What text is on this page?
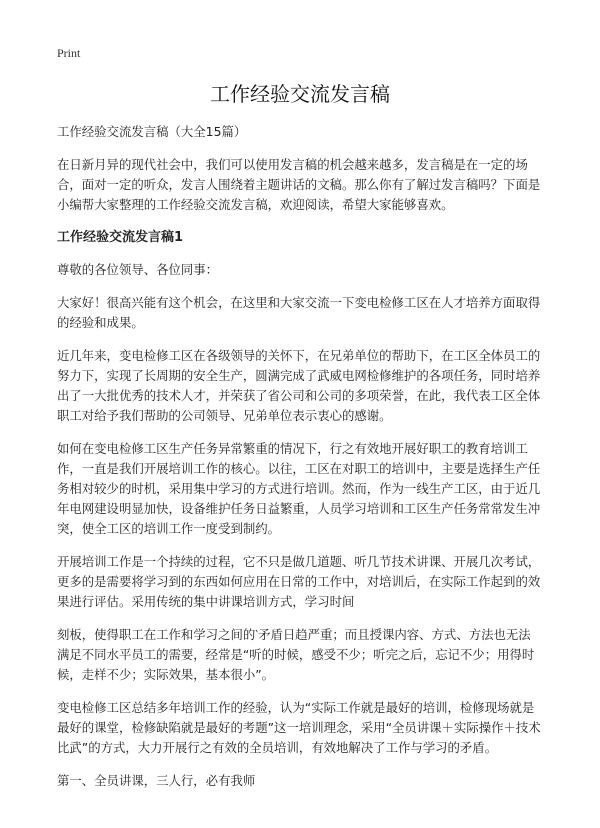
Print
工作经验交流发言稿

工作经验交流发言稿（大全15篇）

在日新月异的现代社会中，我们可以使用发言稿的机会越来越多，发言稿是在一定的场合，面对一定的听众，发言人围绕着主题讲话的文稿。那么你有了解过发言稿吗？下面是小编帮大家整理的工作经验交流发言稿，欢迎阅读，希望大家能够喜欢。

工作经验交流发言稿1

尊敬的各位领导、各位同事：

大家好！很高兴能有这个机会，在这里和大家交流一下变电检修工区在人才培养方面取得的经验和成果。

近几年来，变电检修工区在各级领导的关怀下，在兄弟单位的帮助下，在工区全体员工的努力下，实现了长周期的安全生产，圆满完成了武威电网检修维护的各项任务，同时培养出了一大批优秀的技术人才，并荣获了省公司和公司的多项荣誉，在此，我代表工区全体职工对给予我们帮助的公司领导、兄弟单位表示衷心的感谢。

如何在变电检修工区生产任务异常繁重的情况下，行之有效地开展好职工的教育培训工作，一直是我们开展培训工作的核心。以往，工区在对职工的培训中，主要是选择生产任务相对较少的时机，采用集中学习的方式进行培训。然而，作为一线生产工区，由于近几年电网建设明显加快，设备维护任务日益繁重，人员学习培训和工区生产任务常常发生冲突，使全工区的培训工作一度受到制约。

开展培训工作是一个持续的过程，它不只是做几道题、听几节技术讲课、开展几次考试，更多的是需要将学习到的东西如何应用在日常的工作中，对培训后，在实际工作起到的效果进行评估。采用传统的集中讲课培训方式，学习时间

刻板，使得职工在工作和学习之间的‵矛盾日趋严重；而且授课内容、方式、方法也无法满足不同水平员工的需要，经常是“听的时候，感受不少；听完之后，忘记不少；用得时候，走样不少；实际效果，基本很小”。

变电检修工区总结多年培训工作的经验，认为“实际工作就是最好的培训，检修现场就是最好的课堂，检修缺陷就是最好的考题”这一培训理念，采用“全员讲课＋实际操作＋技术比武”的方式，大力开展行之有效的全员培训，有效地解决了工作与学习的矛盾。

第一、全员讲课，三人行，必有我师
